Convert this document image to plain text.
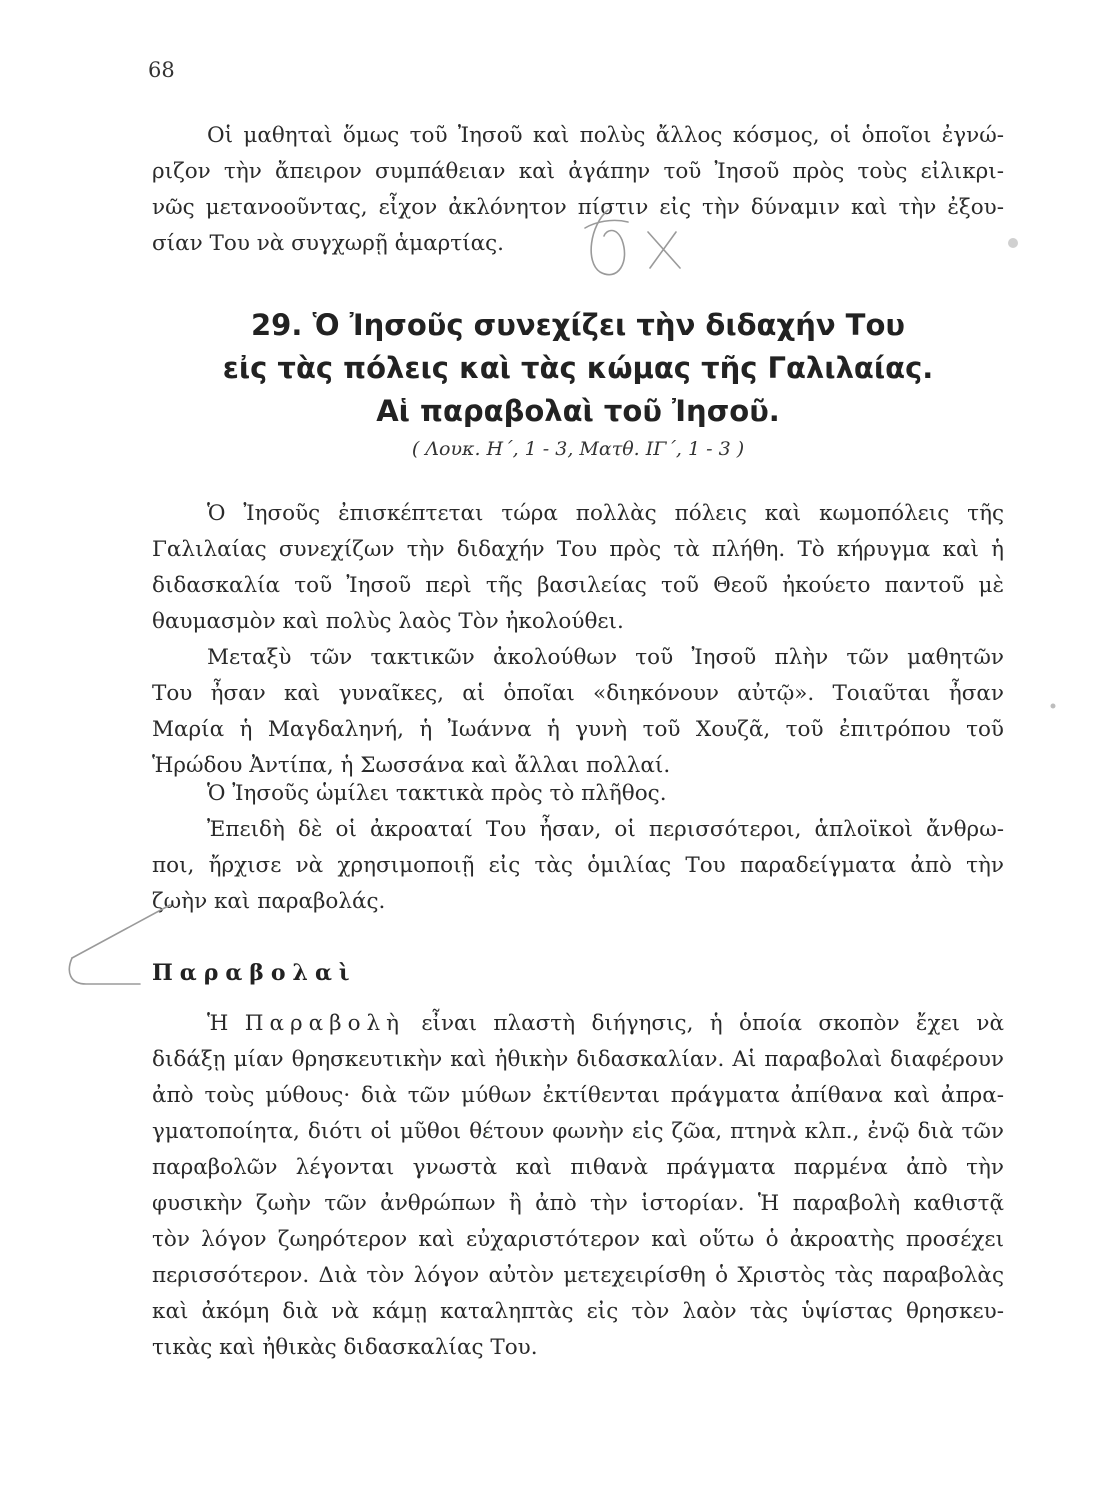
68
Οἱ μαθηταὶ ὅμως τοῦ Ἰησοῦ καὶ πολὺς ἄλλος κόσμος, οἱ ὁποῖοι ἐγνώ-
ριζον τὴν ἄπειρον συμπάθειαν καὶ ἀγάπην τοῦ Ἰησοῦ πρὸς τοὺς εἰλικρι-
νῶς μετανοοῦντας, εἶχον ἀκλόνητον πίστιν εἰς τὴν δύναμιν καὶ τὴν ἐξου-
σίαν Του νὰ συγχωρῇ ἁμαρτίας.
29. Ὁ Ἰησοῦς συνεχίζει τὴν διδαχήν Του
εἰς τὰς πόλεις καὶ τὰς κώμας τῆς Γαλιλαίας.
Αἱ παραβολαὶ τοῦ Ἰησοῦ.
( Λουκ. Η΄, 1 - 3, Ματθ. ΙΓ΄, 1 - 3 )
Ὁ Ἰησοῦς ἐπισκέπτεται τώρα πολλὰς πόλεις καὶ κωμοπόλεις τῆς
Γαλιλαίας συνεχίζων τὴν διδαχήν Του πρὸς τὰ πλήθη. Τὸ κήρυγμα καὶ ἡ
διδασκαλία τοῦ Ἰησοῦ περὶ τῆς βασιλείας τοῦ Θεοῦ ἠκούετο παντοῦ μὲ
θαυμασμὸν καὶ πολὺς λαὸς Τὸν ἠκολούθει.
Μεταξὺ τῶν τακτικῶν ἀκολούθων τοῦ Ἰησοῦ πλὴν τῶν μαθητῶν
Του ἦσαν καὶ γυναῖκες, αἱ ὁποῖαι «διηκόνουν αὐτῷ». Τοιαῦται ἦσαν
Μαρία ἡ Μαγδαληνή, ἡ Ἰωάννα ἡ γυνὴ τοῦ Χουζᾶ, τοῦ ἐπιτρόπου τοῦ
Ἡρώδου Ἀντίπα, ἡ Σωσσάνα καὶ ἄλλαι πολλαί.
Ὁ Ἰησοῦς ὡμίλει τακτικὰ πρὸς τὸ πλῆθος.
Ἐπειδὴ δὲ οἱ ἀκροαταί Του ἦσαν, οἱ περισσότεροι, ἁπλοϊκοὶ ἄνθρω-
ποι, ἤρχισε νὰ χρησιμοποιῇ εἰς τὰς ὁμιλίας Του παραδείγματα ἀπὸ τὴν
ζωὴν καὶ παραβολάς.
Παραβολαὶ
Ἡ Παραβολὴ εἶναι πλαστὴ διήγησις, ἡ ὁποία σκοπὸν ἔχει νὰ
διδάξῃ μίαν θρησκευτικὴν καὶ ἠθικὴν διδασκαλίαν. Αἱ παραβολαὶ διαφέρουν
ἀπὸ τοὺς μύθους· διὰ τῶν μύθων ἐκτίθενται πράγματα ἀπίθανα καὶ ἀπρα-
γματοποίητα, διότι οἱ μῦθοι θέτουν φωνὴν εἰς ζῶα, πτηνὰ κλπ., ἐνῷ διὰ τῶν
παραβολῶν λέγονται γνωστὰ καὶ πιθανὰ πράγματα παρμένα ἀπὸ τὴν
φυσικὴν ζωὴν τῶν ἀνθρώπων ἢ ἀπὸ τὴν ἱστορίαν. Ἡ παραβολὴ καθιστᾷ
τὸν λόγον ζωηρότερον καὶ εὐχαριστότερον καὶ οὕτω ὁ ἀκροατὴς προσέχει
περισσότερον. Διὰ τὸν λόγον αὐτὸν μετεχειρίσθη ὁ Χριστὸς τὰς παραβολὰς
καὶ ἀκόμη διὰ νὰ κάμῃ καταληπτὰς εἰς τὸν λαὸν τὰς ὑψίστας θρησκευ-
τικὰς καὶ ἠθικὰς διδασκαλίας Του.
